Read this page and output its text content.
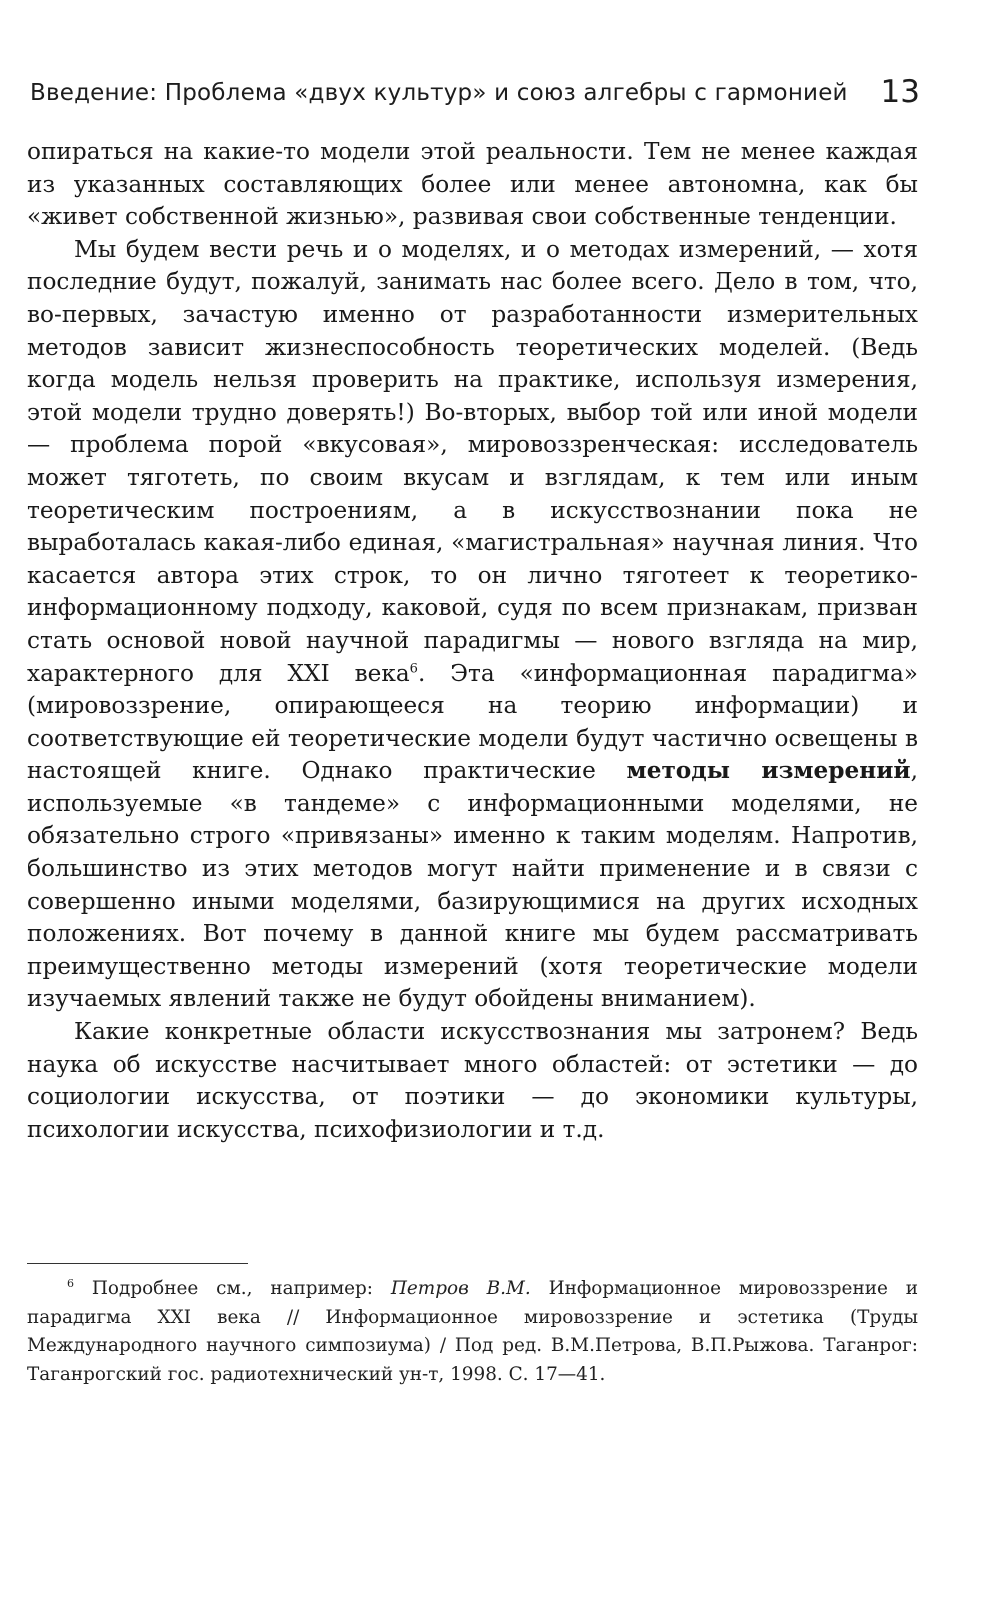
Введение: Проблема «двух культур» и союз алгебры с гармонией 13

опираться на какие-то модели этой реальности. Тем не менее каждая из указанных составляющих более или менее автономна, как бы «живет собственной жизнью», развивая свои собственные тенденции.

Мы будем вести речь и о моделях, и о методах измерений, — хотя последние будут, пожалуй, занимать нас более всего. Дело в том, что, во-первых, зачастую именно от разработанности измерительных методов зависит жизнеспособность теоретических моделей. (Ведь когда модель нельзя проверить на практике, используя измерения, этой модели трудно доверять!) Во-вторых, выбор той или иной модели — проблема порой «вкусовая», мировоззренческая: исследователь может тяготеть, по своим вкусам и взглядам, к тем или иным теоретическим построениям, а в искусствознании пока не выработалась какая-либо единая, «магистральная» научная линия. Что касается автора этих строк, то он лично тяготеет к теоретико-информационному подходу, каковой, судя по всем признакам, призван стать основой новой научной парадигмы — нового взгляда на мир, характерного для XXI века$^6$. Эта «информационная парадигма» (мировоззрение, опирающееся на теорию информации) и соответствующие ей теоретические модели будут частично освещены в настоящей книге. Однако практические методы измерений, используемые «в тандеме» с информационными моделями, не обязательно строго «привязаны» именно к таким моделям. Напротив, большинство из этих методов могут найти применение и в связи с совершенно иными моделями, базирующимися на других исходных положениях. Вот почему в данной книге мы будем рассматривать преимущественно методы измерений (хотя теоретические модели изучаемых явлений также не будут обойдены вниманием).

Какие конкретные области искусствознания мы затронем? Ведь наука об искусстве насчитывает много областей: от эстетики — до социологии искусства, от поэтики — до экономики культуры, психологии искусства, психофизиологии и т.д.

$^6$ Подробнее см., например: Петров В.М. Информационное мировоззрение и парадигма XXI века // Информационное мировоззрение и эстетика (Труды Международного научного симпозиума) / Под ред. В.М.Петрова, В.П.Рыжова. Таганрог: Таганрогский гос. радиотехнический ун-т, 1998. С. 17—41.
